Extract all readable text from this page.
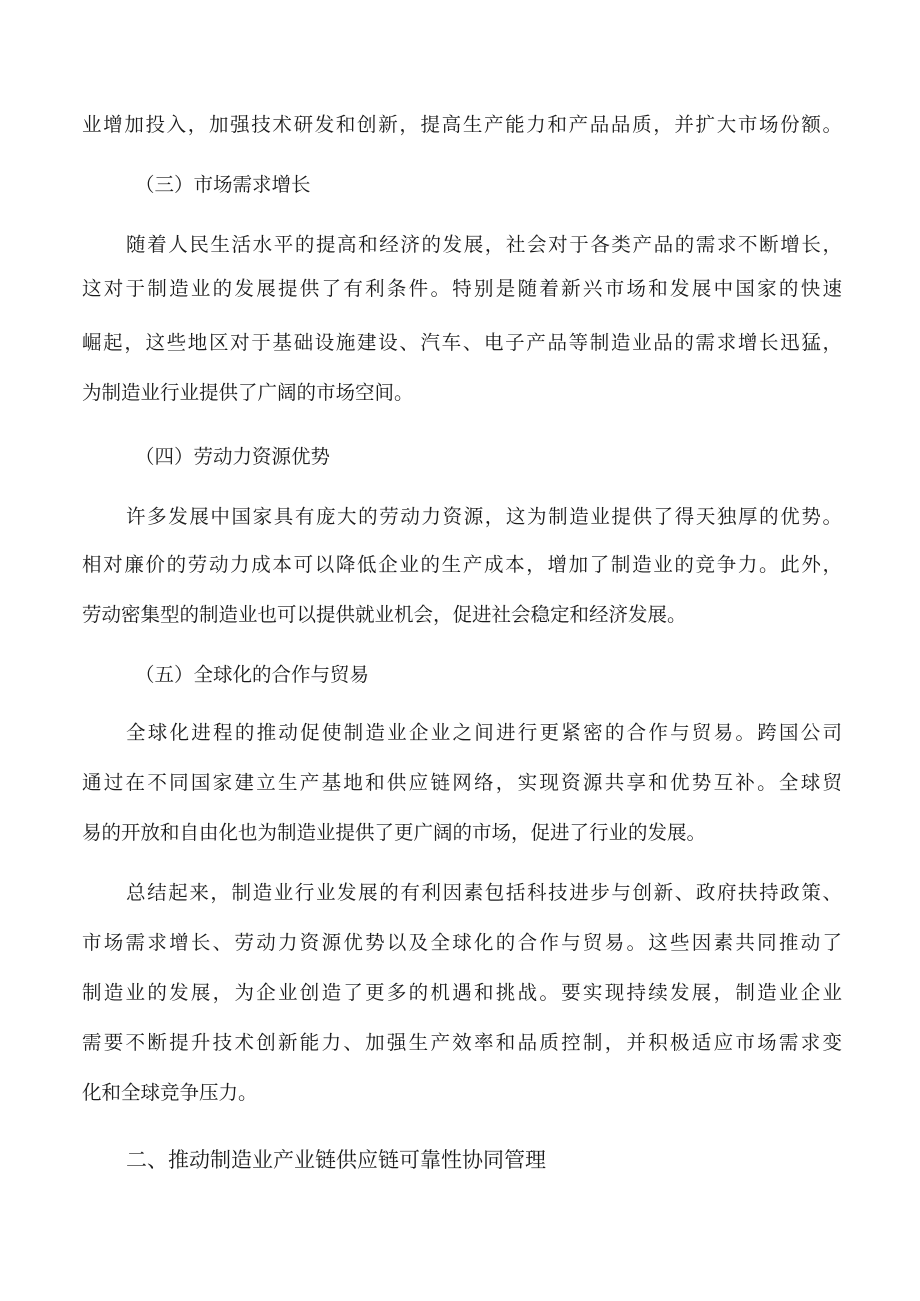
业增加投入，加强技术研发和创新，提高生产能力和产品品质，并扩大市场份额。
（三）市场需求增长
随着人民生活水平的提高和经济的发展，社会对于各类产品的需求不断增长，
这对于制造业的发展提供了有利条件。特别是随着新兴市场和发展中国家的快速
崛起，这些地区对于基础设施建设、汽车、电子产品等制造业品的需求增长迅猛，
为制造业行业提供了广阔的市场空间。
（四）劳动力资源优势
许多发展中国家具有庞大的劳动力资源，这为制造业提供了得天独厚的优势。
相对廉价的劳动力成本可以降低企业的生产成本，增加了制造业的竞争力。此外，
劳动密集型的制造业也可以提供就业机会，促进社会稳定和经济发展。
（五）全球化的合作与贸易
全球化进程的推动促使制造业企业之间进行更紧密的合作与贸易。跨国公司
通过在不同国家建立生产基地和供应链网络，实现资源共享和优势互补。全球贸
易的开放和自由化也为制造业提供了更广阔的市场，促进了行业的发展。
总结起来，制造业行业发展的有利因素包括科技进步与创新、政府扶持政策、
市场需求增长、劳动力资源优势以及全球化的合作与贸易。这些因素共同推动了
制造业的发展，为企业创造了更多的机遇和挑战。要实现持续发展，制造业企业
需要不断提升技术创新能力、加强生产效率和品质控制，并积极适应市场需求变
化和全球竞争压力。
二、推动制造业产业链供应链可靠性协同管理
